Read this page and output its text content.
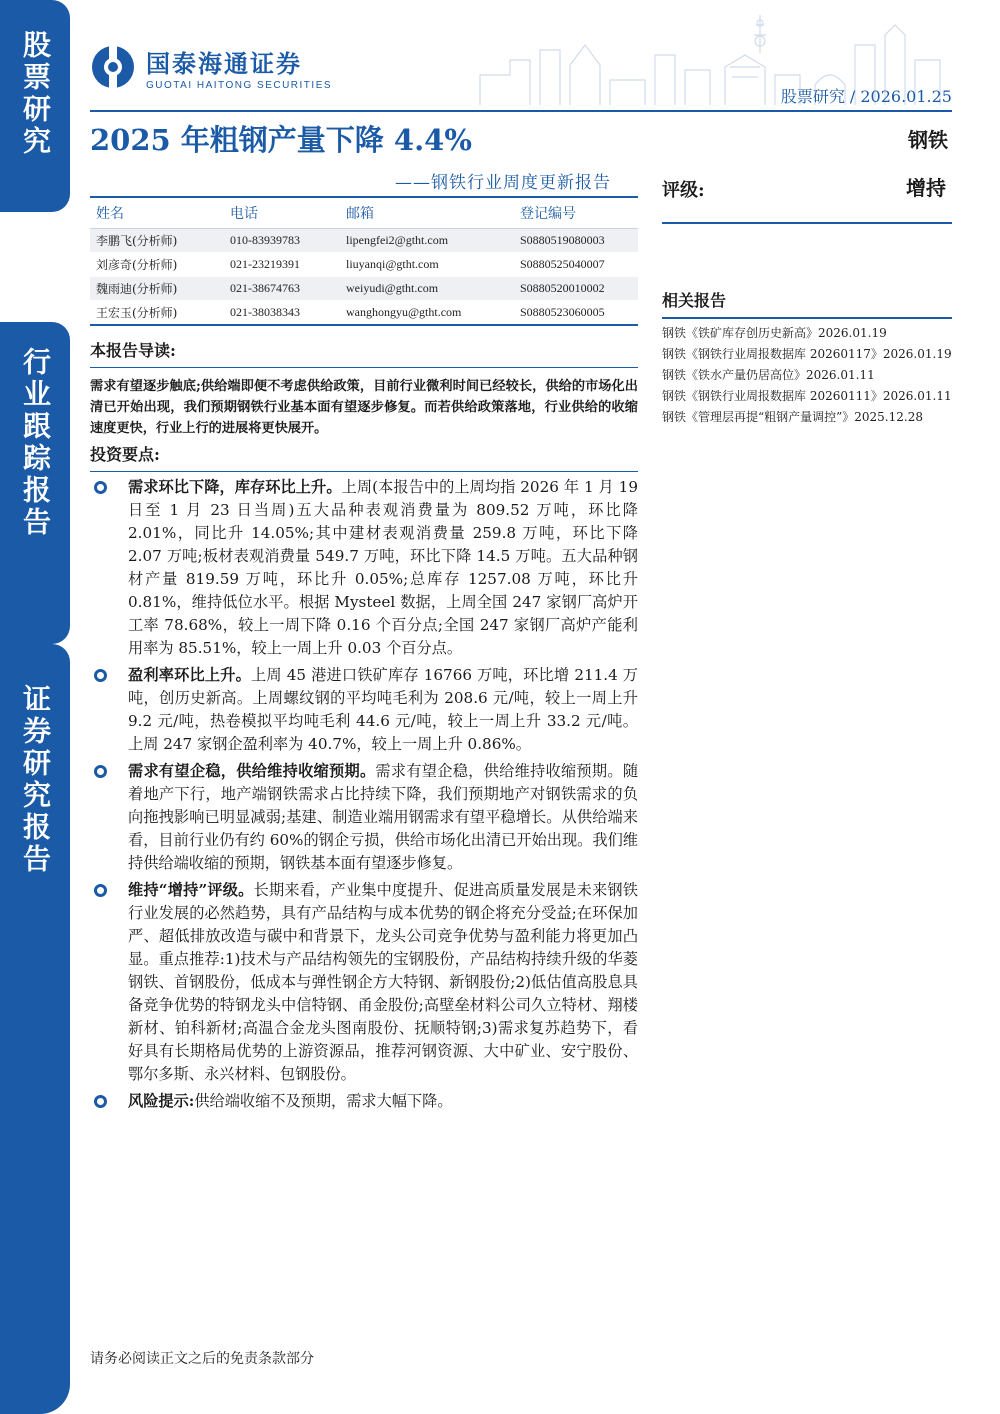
股票研究
行业跟踪报告
证券研究报告
国泰海通证券
GUOTAI HAITONG SECURITIES
股票研究 / 2026.01.25
2025 年粗钢产量下降 4.4%
——钢铁行业周度更新报告
钢铁
评级:	增持
姓名	电话	邮箱	登记编号
李鹏飞(分析师)	010-83939783	lipengfei2@gtht.com	S0880519080003
刘彦奇(分析师)	021-23219391	liuyanqi@gtht.com	S0880525040007
魏雨迪(分析师)	021-38674763	weiyudi@gtht.com	S0880520010002
王宏玉(分析师)	021-38038343	wanghongyu@gtht.com	S0880523060005
相关报告
钢铁《铁矿库存创历史新高》2026.01.19
钢铁《钢铁行业周报数据库 20260117》2026.01.19
钢铁《铁水产量仍居高位》2026.01.11
钢铁《钢铁行业周报数据库 20260111》2026.01.11
钢铁《管理层再提“粗钢产量调控”》2025.12.28
本报告导读:
需求有望逐步触底;供给端即便不考虑供给政策，目前行业微利时间已经较长，供给的市场化出清已开始出现，我们预期钢铁行业基本面有望逐步修复。而若供给政策落地，行业供给的收缩速度更快，行业上行的进展将更快展开。
投资要点:
需求环比下降，库存环比上升。上周(本报告中的上周均指 2026 年 1 月 19 日至 1 月 23 日当周)五大品种表观消费量为 809.52 万吨，环比降 2.01%，同比升 14.05%;其中建材表观消费量 259.8 万吨，环比下降 2.07 万吨;板材表观消费量 549.7 万吨，环比下降 14.5 万吨。五大品种钢材产量 819.59 万吨，环比升 0.05%;总库存 1257.08 万吨，环比升 0.81%，维持低位水平。根据 Mysteel 数据，上周全国 247 家钢厂高炉开工率 78.68%，较上一周下降 0.16 个百分点;全国 247 家钢厂高炉产能利用率为 85.51%，较上一周上升 0.03 个百分点。
盈利率环比上升。上周 45 港进口铁矿库存 16766 万吨，环比增 211.4 万吨，创历史新高。上周螺纹钢的平均吨毛利为 208.6 元/吨，较上一周上升 9.2 元/吨，热卷模拟平均吨毛利 44.6 元/吨，较上一周上升 33.2 元/吨。上周 247 家钢企盈利率为 40.7%，较上一周上升 0.86%。
需求有望企稳，供给维持收缩预期。需求有望企稳，供给维持收缩预期。随着地产下行，地产端钢铁需求占比持续下降，我们预期地产对钢铁需求的负向拖拽影响已明显减弱;基建、制造业端用钢需求有望平稳增长。从供给端来看，目前行业仍有约 60%的钢企亏损，供给市场化出清已开始出现。我们维持供给端收缩的预期，钢铁基本面有望逐步修复。
维持“增持”评级。长期来看，产业集中度提升、促进高质量发展是未来钢铁行业发展的必然趋势，具有产品结构与成本优势的钢企将充分受益;在环保加严、超低排放改造与碳中和背景下，龙头公司竞争优势与盈利能力将更加凸显。重点推荐:1)技术与产品结构领先的宝钢股份，产品结构持续升级的华菱钢铁、首钢股份，低成本与弹性钢企方大特钢、新钢股份;2)低估值高股息具备竞争优势的特钢龙头中信特钢、甬金股份;高壁垒材料公司久立特材、翔楼新材、铂科新材;高温合金龙头图南股份、抚顺特钢;3)需求复苏趋势下，看好具有长期格局优势的上游资源品，推荐河钢资源、大中矿业、安宁股份、鄂尔多斯、永兴材料、包钢股份。
风险提示:供给端收缩不及预期，需求大幅下降。
请务必阅读正文之后的免责条款部分
